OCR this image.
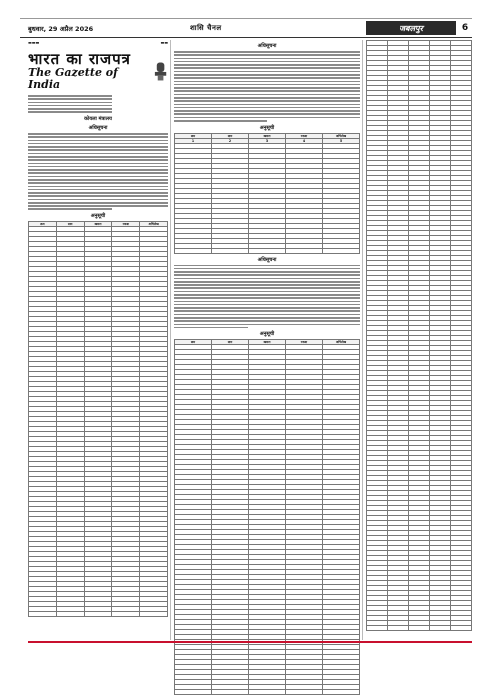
बुधवार, 29 अप्रैल 2026	शासि चैनल	जबलपुर	6
▬▬▬	▬▬
भारत का राजपत्र
The Gazette of India
कोयला मंत्रालय
अधिसूचना
अनुसूची
क्रम	ग्राम	खसरा	रकबा	अभिलेख

अधिसूचना
अनुसूची
क्रम	ग्राम	खसरा	रकबा	अभिलेख
1	2	3	4	5

अधिसूचना
अनुसूची
क्रम	ग्राम	खसरा	रकबा	अभिलेख
